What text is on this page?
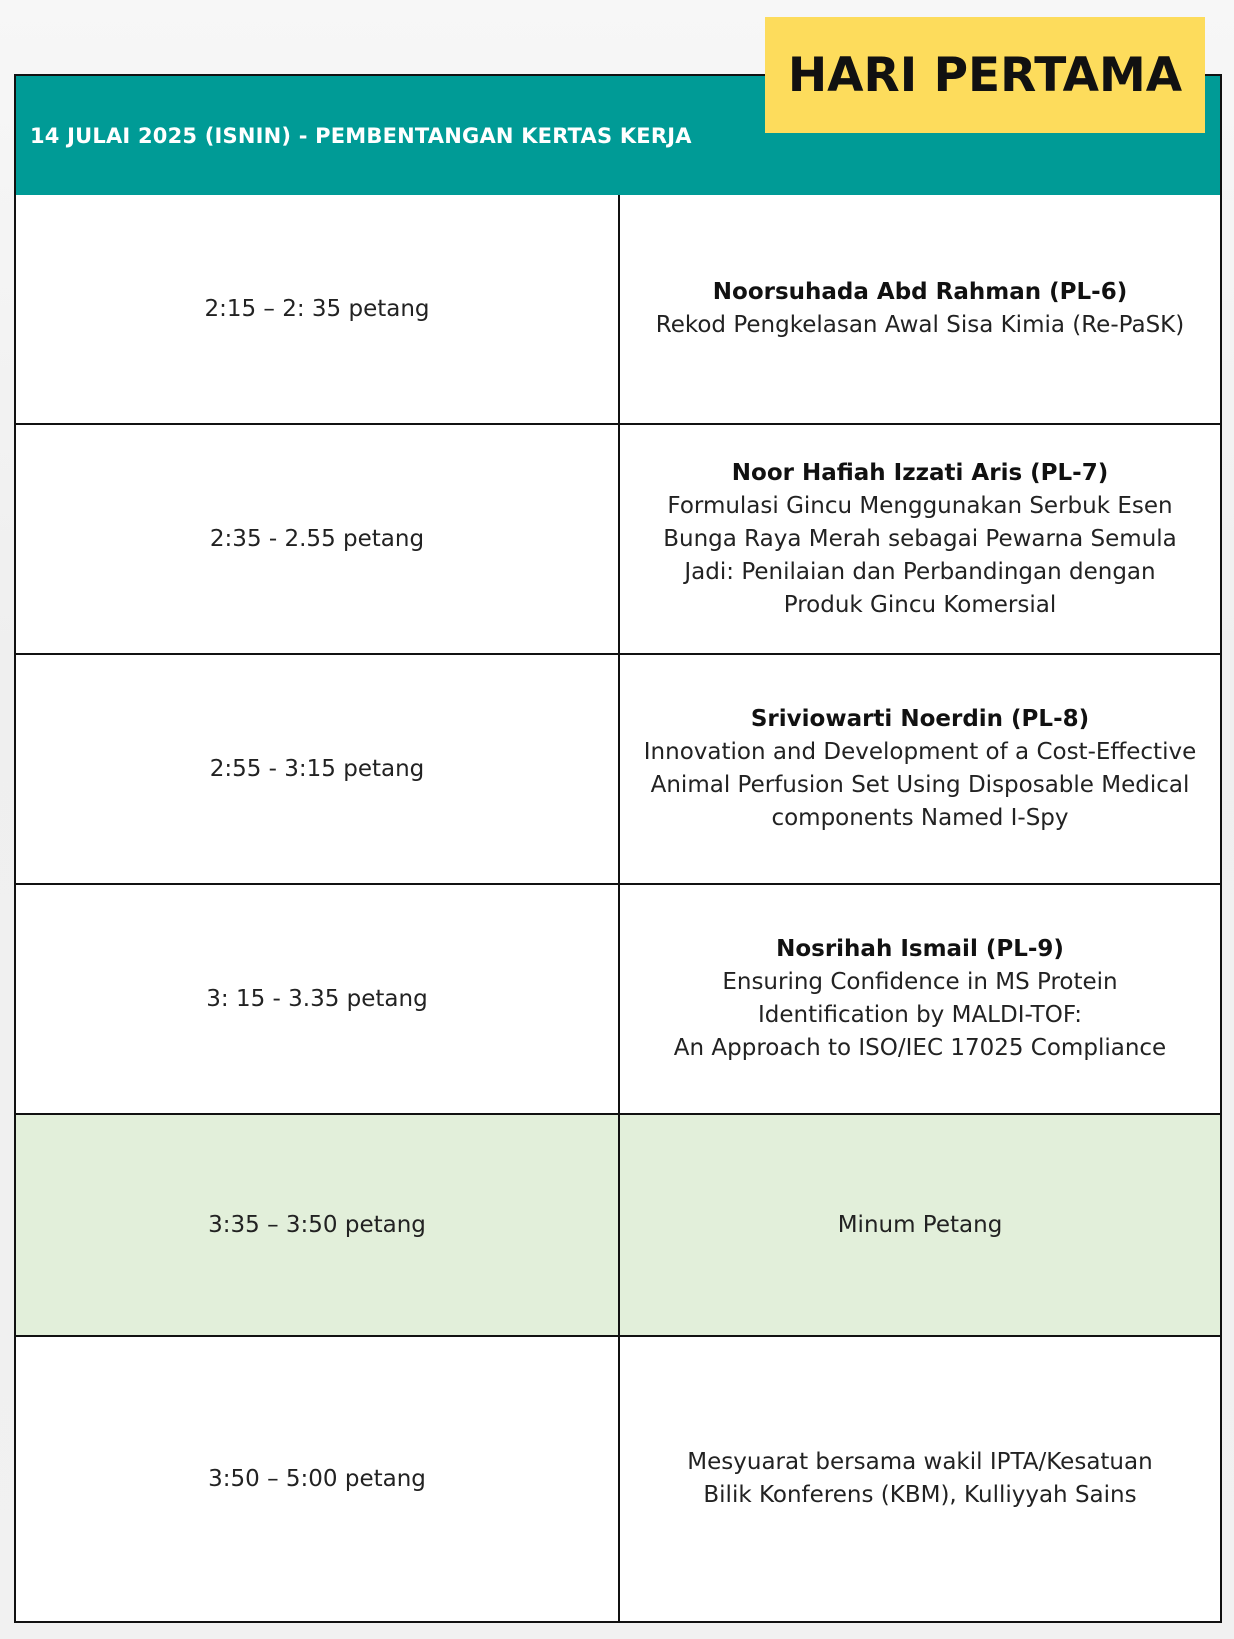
14 JULAI 2025 (ISNIN) - PEMBENTANGAN KERTAS KERJA
2:15 – 2: 35 petang
Noorsuhada Abd Rahman (PL-6)
Rekod Pengkelasan Awal Sisa Kimia (Re-PaSK)
2:35 - 2.55 petang
Noor Hafiah Izzati Aris (PL-7)
Formulasi Gincu Menggunakan Serbuk Esen
Bunga Raya Merah sebagai Pewarna Semula
Jadi: Penilaian dan Perbandingan dengan
Produk Gincu Komersial
2:55 - 3:15 petang
Sriviowarti Noerdin (PL-8)
Innovation and Development of a Cost-Effective
Animal Perfusion Set Using Disposable Medical
components Named I-Spy
3: 15 - 3.35 petang
Nosrihah Ismail (PL-9)
Ensuring Confidence in MS Protein
Identification by MALDI-TOF:
An Approach to ISO/IEC 17025 Compliance
3:35 – 3:50 petang	Minum Petang
3:50 – 5:00 petang
Mesyuarat bersama wakil IPTA/Kesatuan
Bilik Konferens (KBM), Kulliyyah Sains
HARI PERTAMA
